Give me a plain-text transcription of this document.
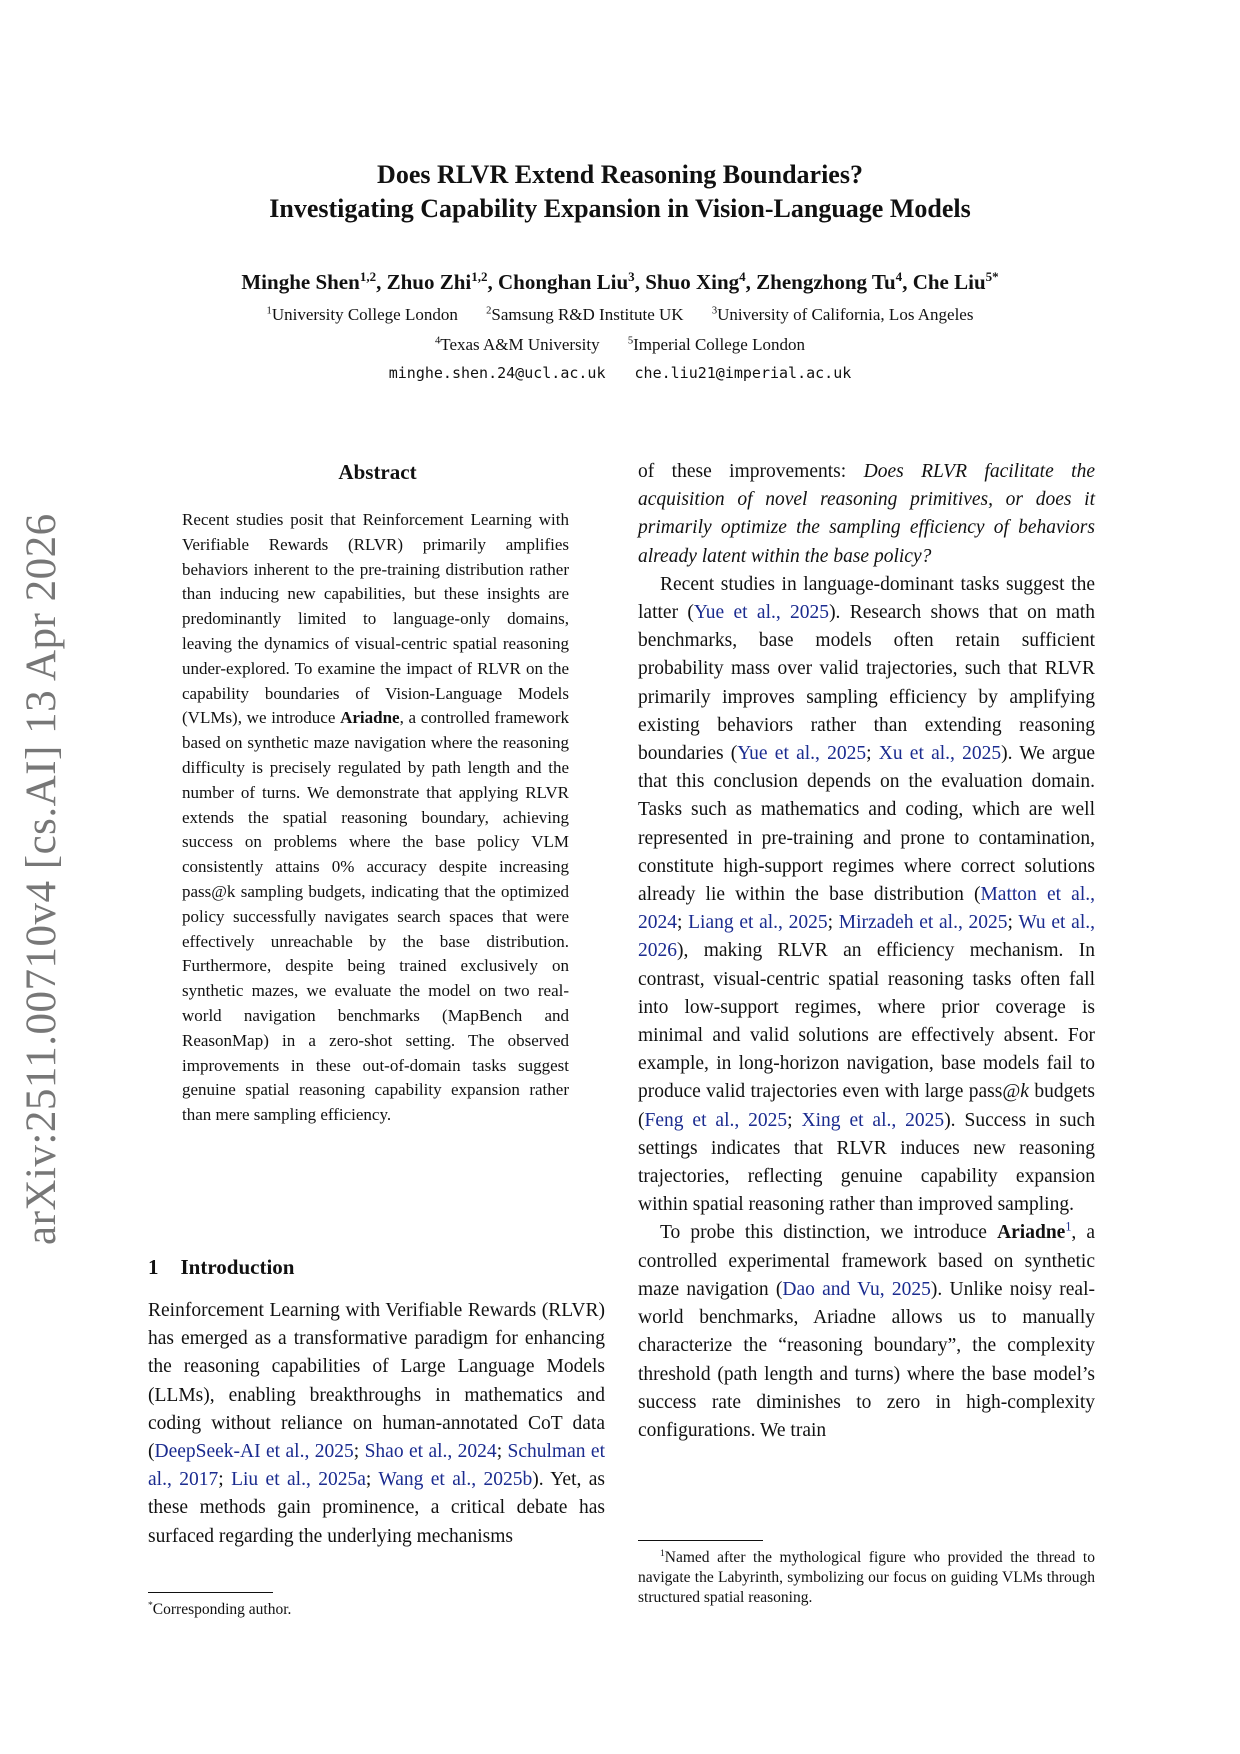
arXiv:2511.00710v4 [cs.AI] 13 Apr 2026
Does RLVR Extend Reasoning Boundaries?
Investigating Capability Expansion in Vision-Language Models
Minghe Shen$^{1,2}$, Zhuo Zhi$^{1,2}$, Chonghan Liu$^3$, Shuo Xing$^4$, Zhengzhong Tu$^4$, Che Liu$^{5*}$
$^1$University College London	$^2$Samsung R&D Institute UK	$^3$University of California, Los Angeles
$^4$Texas A&M University	$^5$Imperial College London
minghe.shen.24@ucl.ac.uk che.liu21@imperial.ac.uk
Abstract
Recent studies posit that Reinforcement Learning with Verifiable Rewards (RLVR) primarily amplifies behaviors inherent to the pre-training distribution rather than inducing new capabilities, but these insights are predominantly limited to language-only domains, leaving the dynamics of visual-centric spatial reasoning under-explored. To examine the impact of RLVR on the capability boundaries of Vision-Language Models (VLMs), we introduce Ariadne, a controlled framework based on synthetic maze navigation where the reasoning difficulty is precisely regulated by path length and the number of turns. We demonstrate that applying RLVR extends the spatial reasoning boundary, achieving success on problems where the base policy VLM consistently attains 0% accuracy despite increasing pass@k sampling budgets, indicating that the optimized policy successfully navigates search spaces that were effectively unreachable by the base distribution. Furthermore, despite being trained exclusively on synthetic mazes, we evaluate the model on two real-world navigation benchmarks (MapBench and ReasonMap) in a zero-shot setting. The observed improvements in these out-of-domain tasks suggest genuine spatial reasoning capability expansion rather than mere sampling efficiency.
1 Introduction
Reinforcement Learning with Verifiable Rewards (RLVR) has emerged as a transformative paradigm for enhancing the reasoning capabilities of Large Language Models (LLMs), enabling breakthroughs in mathematics and coding without reliance on human-annotated CoT data (DeepSeek-AI et al., 2025; Shao et al., 2024; Schulman et al., 2017; Liu et al., 2025a; Wang et al., 2025b). Yet, as these methods gain prominence, a critical debate has surfaced regarding the underlying mechanisms

of these improvements: Does RLVR facilitate the acquisition of novel reasoning primitives, or does it primarily optimize the sampling efficiency of behaviors already latent within the base policy?

Recent studies in language-dominant tasks suggest the latter (Yue et al., 2025). Research shows that on math benchmarks, base models often retain sufficient probability mass over valid trajectories, such that RLVR primarily improves sampling efficiency by amplifying existing behaviors rather than extending reasoning boundaries (Yue et al., 2025; Xu et al., 2025). We argue that this conclusion depends on the evaluation domain. Tasks such as mathematics and coding, which are well represented in pre-training and prone to contamination, constitute high-support regimes where correct solutions already lie within the base distribution (Matton et al., 2024; Liang et al., 2025; Mirzadeh et al., 2025; Wu et al., 2026), making RLVR an efficiency mechanism. In contrast, visual-centric spatial reasoning tasks often fall into low-support regimes, where prior coverage is minimal and valid solutions are effectively absent. For example, in long-horizon navigation, base models fail to produce valid trajectories even with large pass@k budgets (Feng et al., 2025; Xing et al., 2025). Success in such settings indicates that RLVR induces new reasoning trajectories, reflecting genuine capability expansion within spatial reasoning rather than improved sampling.

To probe this distinction, we introduce Ariadne$^1$, a controlled experimental framework based on synthetic maze navigation (Dao and Vu, 2025). Unlike noisy real-world benchmarks, Ariadne allows us to manually characterize the “reasoning boundary”, the complexity threshold (path length and turns) where the base model’s success rate diminishes to zero in high-complexity configurations. We train

*Corresponding author.
$^1$Named after the mythological figure who provided the thread to navigate the Labyrinth, symbolizing our focus on guiding VLMs through structured spatial reasoning.
